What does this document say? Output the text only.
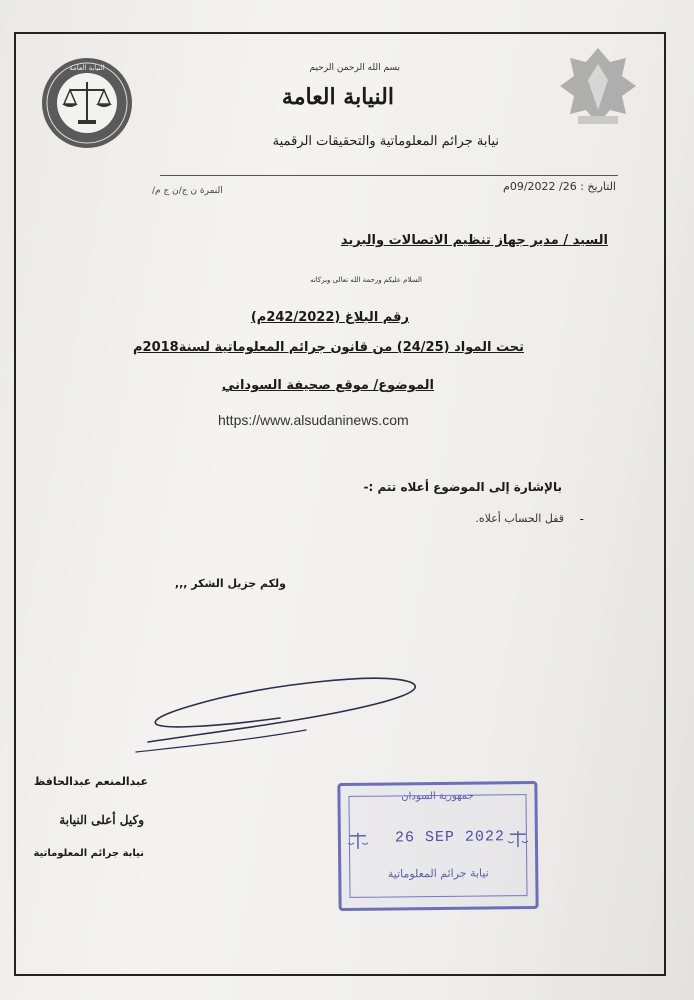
النيابة العامة	بسم الله الرحمن الرحيم
النيابة العامة
نيابة جرائم المعلوماتية والتحقيقات الرقمية
التاريخ : 26/ 09/2022م
النمرة ن ج/ن ج م/
السيد / مدير جهاز تنظيم الاتصالات والبريد
السلام عليكم ورحمة الله تعالى وبركاته
رقم البلاغ (242/2022م)
تحت المواد (24/25) من قانون جرائم المعلوماتية لسنة2018م
الموضوع/ موقع صحيفة السوداني
https://www.alsudaninews.com
بالإشارة إلى الموضوع أعلاه تتم :-
-
قفل الحساب أعلاه.
ولكم جزيل الشكر ,,,
عبدالمنعم عبدالحافظ
وكيل أعلى النيابة
نيابة جرائم المعلوماتية
جمهورية السودان
26 SEP 2022
نيابة جرائم المعلوماتية
